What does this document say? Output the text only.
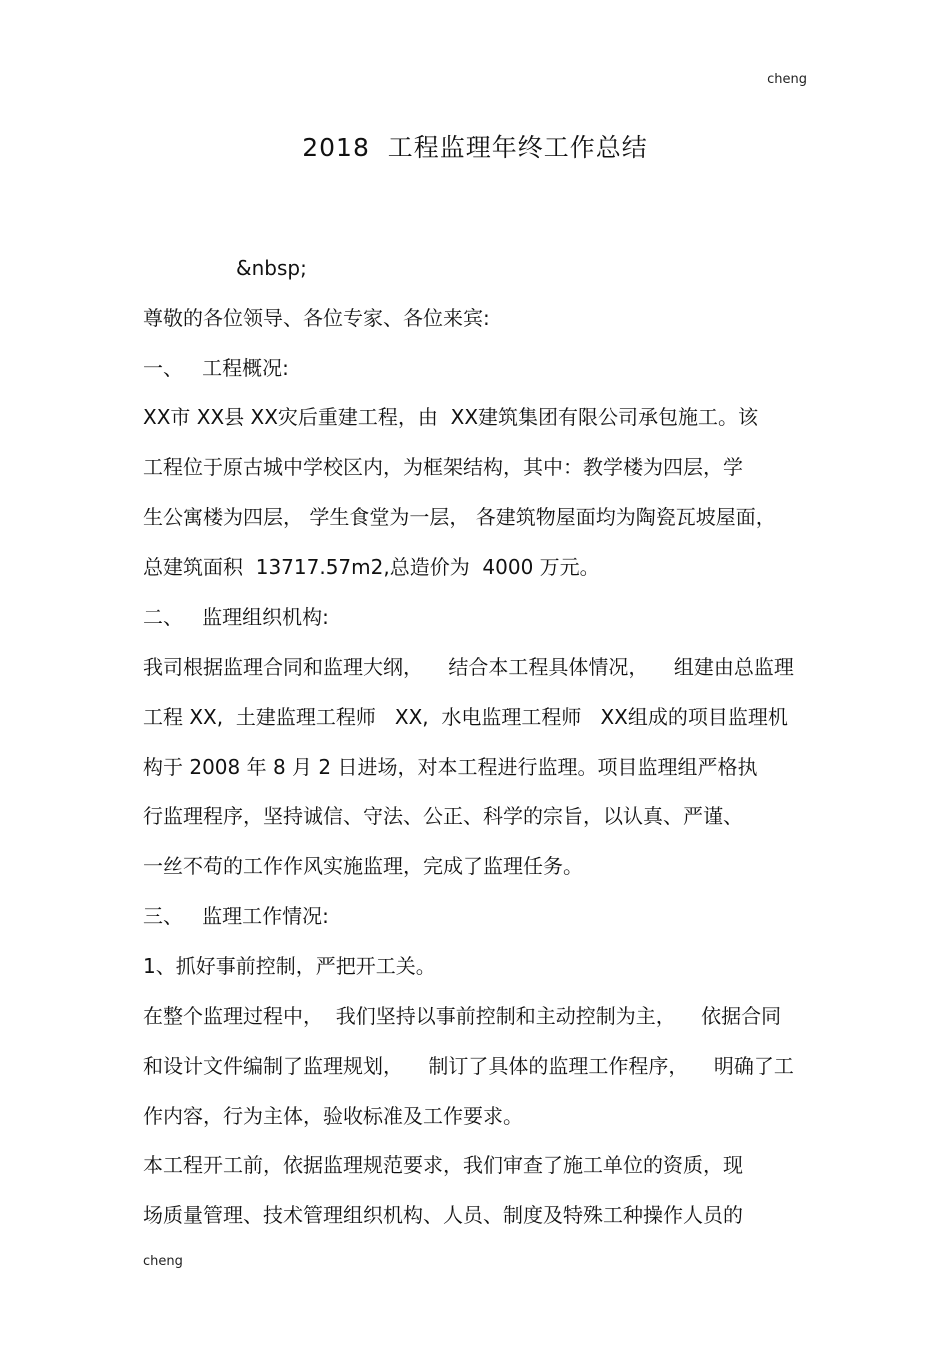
cheng
2018  工程监理年终工作总结
&nbsp;
尊敬的各位领导、各位专家、各位来宾:
一、   工程概况:
XX市 XX县 XX灾后重建工程，由  XX建筑集团有限公司承包施工。该
工程位于原古城中学校区内，为框架结构，其中：教学楼为四层，学
生公寓楼为四层， 学生食堂为一层， 各建筑物屋面均为陶瓷瓦坡屋面，
总建筑面积  13717.57m2,总造价为  4000 万元。
二、   监理组织机构:
我司根据监理合同和监理大纲，    结合本工程具体情况，    组建由总监理
工程 XX,  土建监理工程师   XX,  水电监理工程师   XX组成的项目监理机
构于 2008 年 8 月 2 日进场，对本工程进行监理。项目监理组严格执
行监理程序，坚持诚信、守法、公正、科学的宗旨，以认真、严谨、
一丝不苟的工作作风实施监理，完成了监理任务。
三、   监理工作情况:
1、抓好事前控制，严把开工关。
在整个监理过程中，  我们坚持以事前控制和主动控制为主，    依据合同
和设计文件编制了监理规划，    制订了具体的监理工作程序，    明确了工
作内容，行为主体，验收标准及工作要求。
本工程开工前，依据监理规范要求，我们审查了施工单位的资质，现
场质量管理、技术管理组织机构、人员、制度及特殊工种操作人员的
cheng
